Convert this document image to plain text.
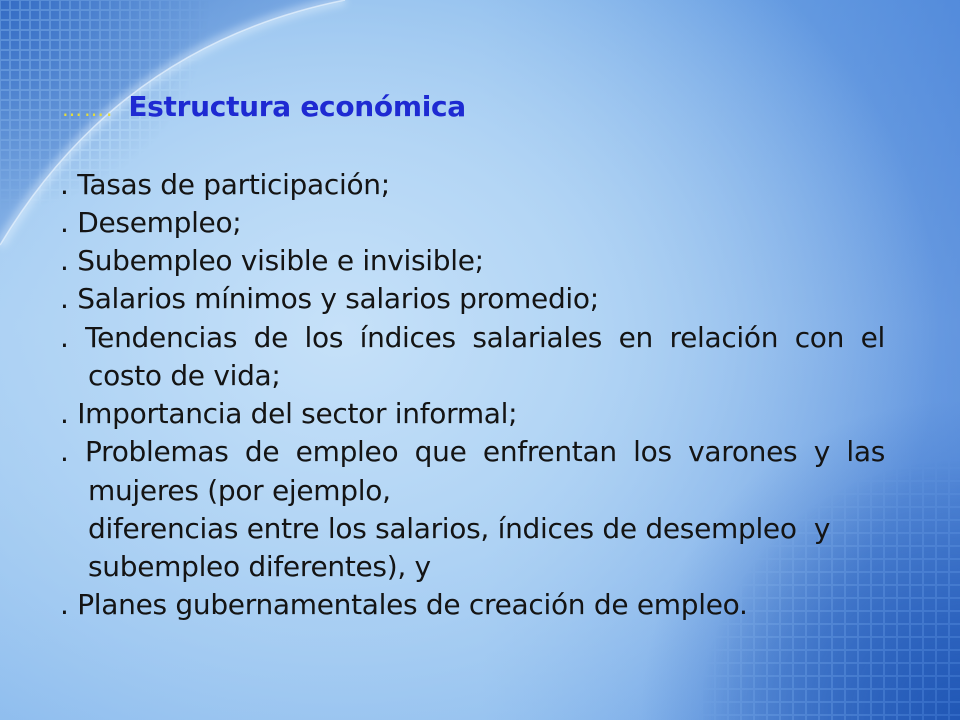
……. Estructura económica

. Tasas de participación;

. Desempleo;

. Subempleo visible e invisible;

. Salarios mínimos y salarios promedio;

. Tendencias de los índices salariales en relación con el costo de vida;

. Importancia del sector informal;

. Problemas de empleo que enfrentan los varones y las mujeres (por ejemplo,
diferencias entre los salarios, índices de desempleo  y
subempleo diferentes), y

. Planes gubernamentales de creación de empleo.
